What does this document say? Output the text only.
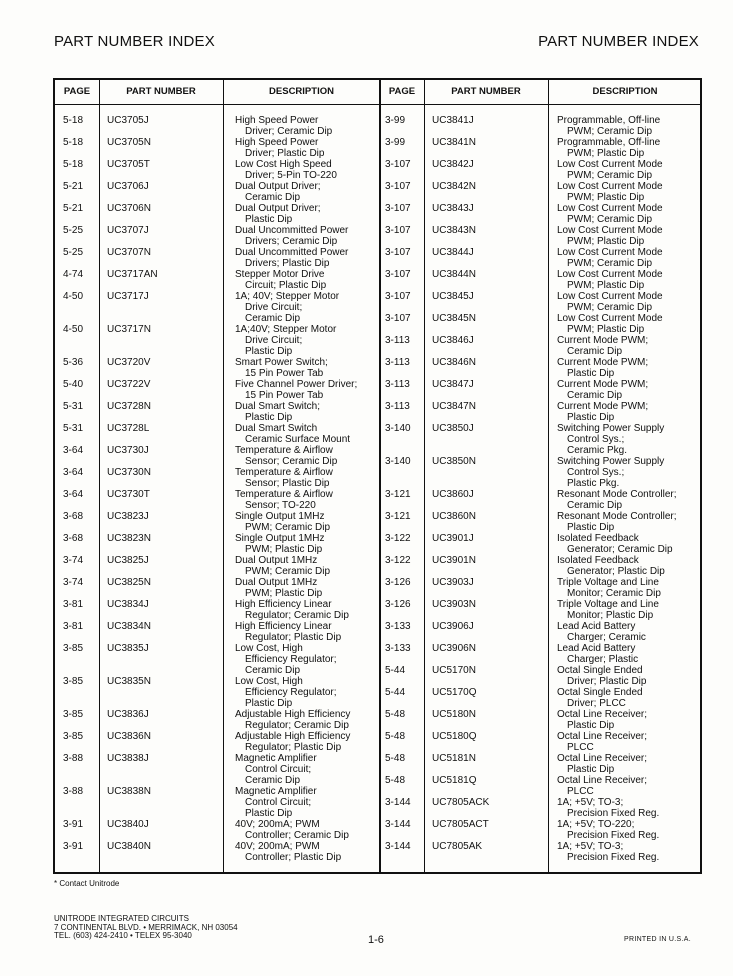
PART NUMBER INDEX	PART NUMBER INDEX
PAGE	PART NUMBER	DESCRIPTION	PAGE	PART NUMBER	DESCRIPTION
5-18	UC3705J	High Speed Power
Driver; Ceramic Dip
5-18	UC3705N	High Speed Power
Driver; Plastic Dip
5-18	UC3705T	Low Cost High Speed
Driver; 5-Pin TO-220
5-21	UC3706J	Dual Output Driver;
Ceramic Dip
5-21	UC3706N	Dual Output Driver;
Plastic Dip
5-25	UC3707J	Dual Uncommitted Power
Drivers; Ceramic Dip
5-25	UC3707N	Dual Uncommitted Power
Drivers; Plastic Dip
4-74	UC3717AN	Stepper Motor Drive
Circuit; Plastic Dip
4-50	UC3717J	1A; 40V; Stepper Motor
Drive Circuit;
Ceramic Dip
4-50	UC3717N	1A;40V; Stepper Motor
Drive Circuit;
Plastic Dip
5-36	UC3720V	Smart Power Switch;
15 Pin Power Tab
5-40	UC3722V	Five Channel Power Driver;
15 Pin Power Tab
5-31	UC3728N	Dual Smart Switch;
Plastic Dip
5-31	UC3728L	Dual Smart Switch
Ceramic Surface Mount
3-64	UC3730J	Temperature & Airflow
Sensor; Ceramic Dip
3-64	UC3730N	Temperature & Airflow
Sensor; Plastic Dip
3-64	UC3730T	Temperature & Airflow
Sensor; TO-220
3-68	UC3823J	Single Output 1MHz
PWM; Ceramic Dip
3-68	UC3823N	Single Output 1MHz
PWM; Plastic Dip
3-74	UC3825J	Dual Output 1MHz
PWM; Ceramic Dip
3-74	UC3825N	Dual Output 1MHz
PWM; Plastic Dip
3-81	UC3834J	High Efficiency Linear
Regulator; Ceramic Dip
3-81	UC3834N	High Efficiency Linear
Regulator; Plastic Dip
3-85	UC3835J	Low Cost, High
Efficiency Regulator;
Ceramic Dip
3-85	UC3835N	Low Cost, High
Efficiency Regulator;
Plastic Dip
3-85	UC3836J	Adjustable High Efficiency
Regulator; Ceramic Dip
3-85	UC3836N	Adjustable High Efficiency
Regulator; Plastic Dip
3-88	UC3838J	Magnetic Amplifier
Control Circuit;
Ceramic Dip
3-88	UC3838N	Magnetic Amplifier
Control Circuit;
Plastic Dip
3-91	UC3840J	40V; 200mA; PWM
Controller; Ceramic Dip
3-91	UC3840N	40V; 200mA; PWM
Controller; Plastic Dip
3-99	UC3841J	Programmable, Off-line
PWM; Ceramic Dip
3-99	UC3841N	Programmable, Off-line
PWM; Plastic Dip
3-107	UC3842J	Low Cost Current Mode
PWM; Ceramic Dip
3-107	UC3842N	Low Cost Current Mode
PWM; Plastic Dip
3-107	UC3843J	Low Cost Current Mode
PWM; Ceramic Dip
3-107	UC3843N	Low Cost Current Mode
PWM; Plastic Dip
3-107	UC3844J	Low Cost Current Mode
PWM; Ceramic Dip
3-107	UC3844N	Low Cost Current Mode
PWM; Plastic Dip
3-107	UC3845J	Low Cost Current Mode
PWM; Ceramic Dip
3-107	UC3845N	Low Cost Current Mode
PWM; Plastic Dip
3-113	UC3846J	Current Mode PWM;
Ceramic Dip
3-113	UC3846N	Current Mode PWM;
Plastic Dip
3-113	UC3847J	Current Mode PWM;
Ceramic Dip
3-113	UC3847N	Current Mode PWM;
Plastic Dip
3-140	UC3850J	Switching Power Supply
Control Sys.;
Ceramic Pkg.
3-140	UC3850N	Switching Power Supply
Control Sys.;
Plastic Pkg.
3-121	UC3860J	Resonant Mode Controller;
Ceramic Dip
3-121	UC3860N	Resonant Mode Controller;
Plastic Dip
3-122	UC3901J	Isolated Feedback
Generator; Ceramic Dip
3-122	UC3901N	Isolated Feedback
Generator; Plastic Dip
3-126	UC3903J	Triple Voltage and Line
Monitor; Ceramic Dip
3-126	UC3903N	Triple Voltage and Line
Monitor; Plastic Dip
3-133	UC3906J	Lead Acid Battery
Charger; Ceramic
3-133	UC3906N	Lead Acid Battery
Charger; Plastic
5-44	UC5170N	Octal Single Ended
Driver; Plastic Dip
5-44	UC5170Q	Octal Single Ended
Driver; PLCC
5-48	UC5180N	Octal Line Receiver;
Plastic Dip
5-48	UC5180Q	Octal Line Receiver;
PLCC
5-48	UC5181N	Octal Line Receiver;
Plastic Dip
5-48	UC5181Q	Octal Line Receiver;
PLCC
3-144	UC7805ACK	1A; +5V; TO-3;
Precision Fixed Reg.
3-144	UC7805ACT	1A; +5V; TO-220;
Precision Fixed Reg.
3-144	UC7805AK	1A; +5V; TO-3;
Precision Fixed Reg.
* Contact Unitrode
UNITRODE INTEGRATED CIRCUITS
7 CONTINENTAL BLVD. • MERRIMACK, NH 03054
TEL. (603) 424-2410 • TELEX 95-3040	1-6	PRINTED IN U.S.A.
